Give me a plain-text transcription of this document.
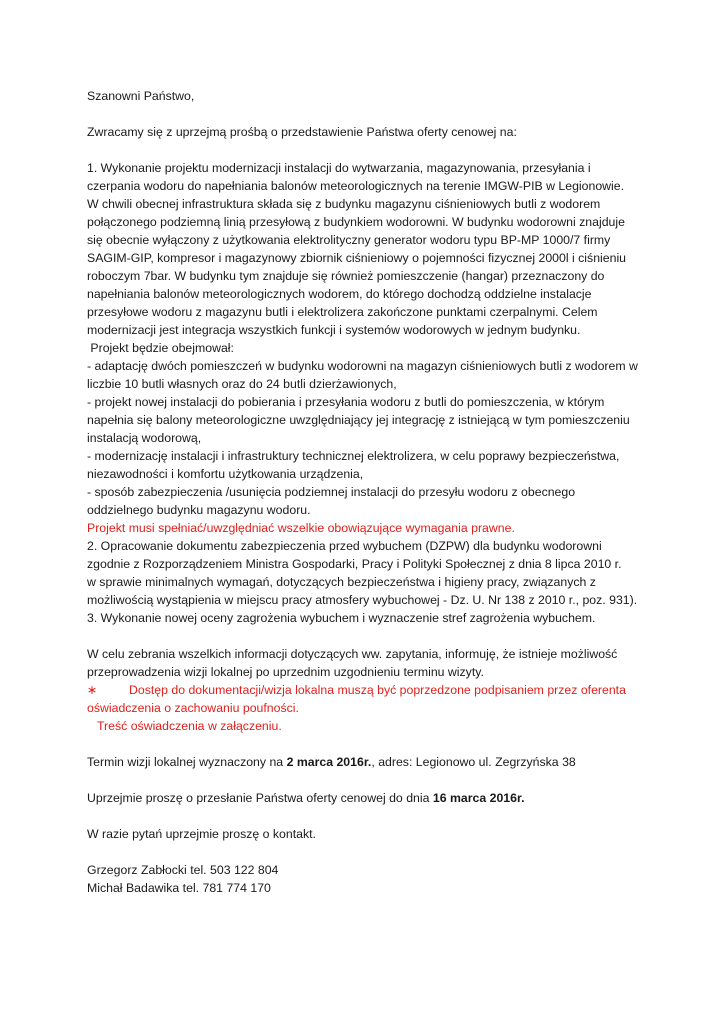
Szanowni Państwo,
Zwracamy się z uprzejmą prośbą o przedstawienie Państwa oferty cenowej na:
1. Wykonanie projektu modernizacji instalacji do wytwarzania, magazynowania, przesyłania i
czerpania wodoru do napełniania balonów meteorologicznych na terenie IMGW-PIB w Legionowie.
W chwili obecnej infrastruktura składa się z budynku magazynu ciśnieniowych butli z wodorem
połączonego podziemną linią przesyłową z budynkiem wodorowni. W budynku wodorowni znajduje
się obecnie wyłączony z użytkowania elektrolityczny generator wodoru typu BP-MP 1000/7 firmy
SAGIM-GIP, kompresor i magazynowy zbiornik ciśnieniowy o pojemności fizycznej 2000l i ciśnieniu
roboczym 7bar. W budynku tym znajduje się również pomieszczenie (hangar) przeznaczony do
napełniania balonów meteorologicznych wodorem, do którego dochodzą oddzielne instalacje
przesyłowe wodoru z magazynu butli i elektrolizera zakończone punktami czerpalnymi. Celem
modernizacji jest integracja wszystkich funkcji i systemów wodorowych w jednym budynku.
Projekt będzie obejmował:
- adaptację dwóch pomieszczeń w budynku wodorowni na magazyn ciśnieniowych butli z wodorem w
liczbie 10 butli własnych oraz do 24 butli dzierżawionych,
- projekt nowej instalacji do pobierania i przesyłania wodoru z butli do pomieszczenia, w którym
napełnia się balony meteorologiczne uwzględniający jej integrację z istniejącą w tym pomieszczeniu
instalacją wodorową,
- modernizację instalacji i infrastruktury technicznej elektrolizera, w celu poprawy bezpieczeństwa,
niezawodności i komfortu użytkowania urządzenia,
- sposób zabezpieczenia /usunięcia podziemnej instalacji do przesyłu wodoru z obecnego
oddzielnego budynku magazynu wodoru.
Projekt musi spełniać/uwzględniać wszelkie obowiązujące wymagania prawne.
2. Opracowanie dokumentu zabezpieczenia przed wybuchem (DZPW) dla budynku wodorowni
zgodnie z Rozporządzeniem Ministra Gospodarki, Pracy i Polityki Społecznej z dnia 8 lipca 2010 r.
w sprawie minimalnych wymagań, dotyczących bezpieczeństwa i higieny pracy, związanych z
możliwością wystąpienia w miejscu pracy atmosfery wybuchowej - Dz. U. Nr 138 z 2010 r., poz. 931).
3. Wykonanie nowej oceny zagrożenia wybuchem i wyznaczenie stref zagrożenia wybuchem.
W celu zebrania wszelkich informacji dotyczących ww. zapytania, informuję, że istnieje możliwość
przeprowadzenia wizji lokalnej po uprzednim uzgodnieniu terminu wizyty.
∗	Dostęp do dokumentacji/wizja lokalna muszą być poprzedzone podpisaniem przez oferenta
oświadczenia o zachowaniu poufności.
Treść oświadczenia w załączeniu.
Termin wizji lokalnej wyznaczony na 2 marca 2016r., adres: Legionowo ul. Zegrzyńska 38
Uprzejmie proszę o przesłanie Państwa oferty cenowej do dnia 16 marca 2016r.
W razie pytań uprzejmie proszę o kontakt.
Grzegorz Zabłocki tel. 503 122 804
Michał Badawika tel. 781 774 170
